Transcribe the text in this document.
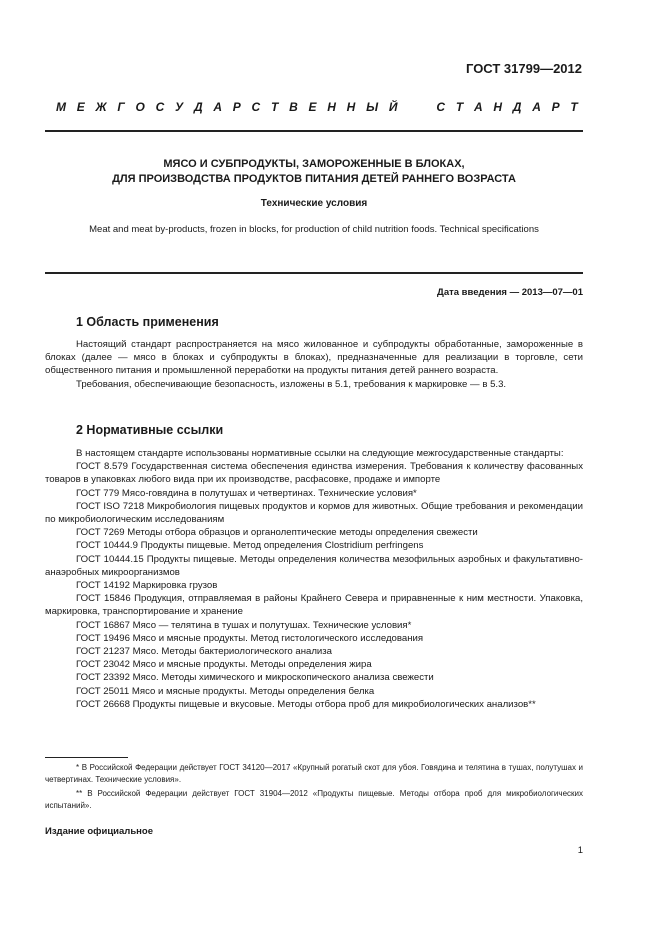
ГОСТ 31799—2012
М Е Ж Г О С У Д А Р С Т В Е Н Н Ы Й

	С Т А Н Д А Р Т
МЯСО И СУБПРОДУКТЫ, ЗАМОРОЖЕННЫЕ В БЛОКАХ,
ДЛЯ ПРОИЗВОДСТВА ПРОДУКТОВ ПИТАНИЯ ДЕТЕЙ РАННЕГО ВОЗРАСТА
Технические условия
Meat and meat by-products, frozen in blocks, for production of child nutrition foods. Technical specifications
Дата введения — 2013—07—01
1 Область применения

Настоящий стандарт распространяется на мясо жилованное и субпродукты обработанные, замороженные в блоках (далее — мясо в блоках и субпродукты в блоках), предназначенные для реализации в торговле, сети общественного питания и промышленной переработки на продукты питания детей раннего возраста.

Требования, обеспечивающие безопасность, изложены в 5.1, требования к маркировке — в 5.3.

2 Нормативные ссылки

В настоящем стандарте использованы нормативные ссылки на следующие межгосударственные стандарты:

ГОСТ 8.579 Государственная система обеспечения единства измерения. Требования к количеству фасованных товаров в упаковках любого вида при их производстве, расфасовке, продаже и импорте

ГОСТ 779 Мясо-говядина в полутушах и четвертинах. Технические условия*

ГОСТ ISO 7218 Микробиология пищевых продуктов и кормов для животных. Общие требования и рекомендации по микробиологическим исследованиям

ГОСТ 7269 Методы отбора образцов и органолептические методы определения свежести

ГОСТ 10444.9 Продукты пищевые. Метод определения Clostridium perfringens

ГОСТ 10444.15 Продукты пищевые. Методы определения количества мезофильных аэробных и факультативно-анаэробных микроорганизмов

ГОСТ 14192 Маркировка грузов

ГОСТ 15846 Продукция, отправляемая в районы Крайнего Севера и приравненные к ним местности. Упаковка, маркировка, транспортирование и хранение

ГОСТ 16867 Мясо — телятина в тушах и полутушах. Технические условия*

ГОСТ 19496 Мясо и мясные продукты. Метод гистологического исследования

ГОСТ 21237 Мясо. Методы бактериологического анализа

ГОСТ 23042 Мясо и мясные продукты. Методы определения жира

ГОСТ 23392 Мясо. Методы химического и микроскопического анализа свежести

ГОСТ 25011 Мясо и мясные продукты. Методы определения белка

ГОСТ 26668 Продукты пищевые и вкусовые. Методы отбора проб для микробиологических анализов**

* В Российской Федерации действует ГОСТ 34120—2017 «Крупный рогатый скот для убоя. Говядина и телятина в тушах, полутушах и четвертинах. Технические условия».

** В Российской Федерации действует ГОСТ 31904—2012 «Продукты пищевые. Методы отбора проб для микробиологических испытаний».

Издание официальное
1
